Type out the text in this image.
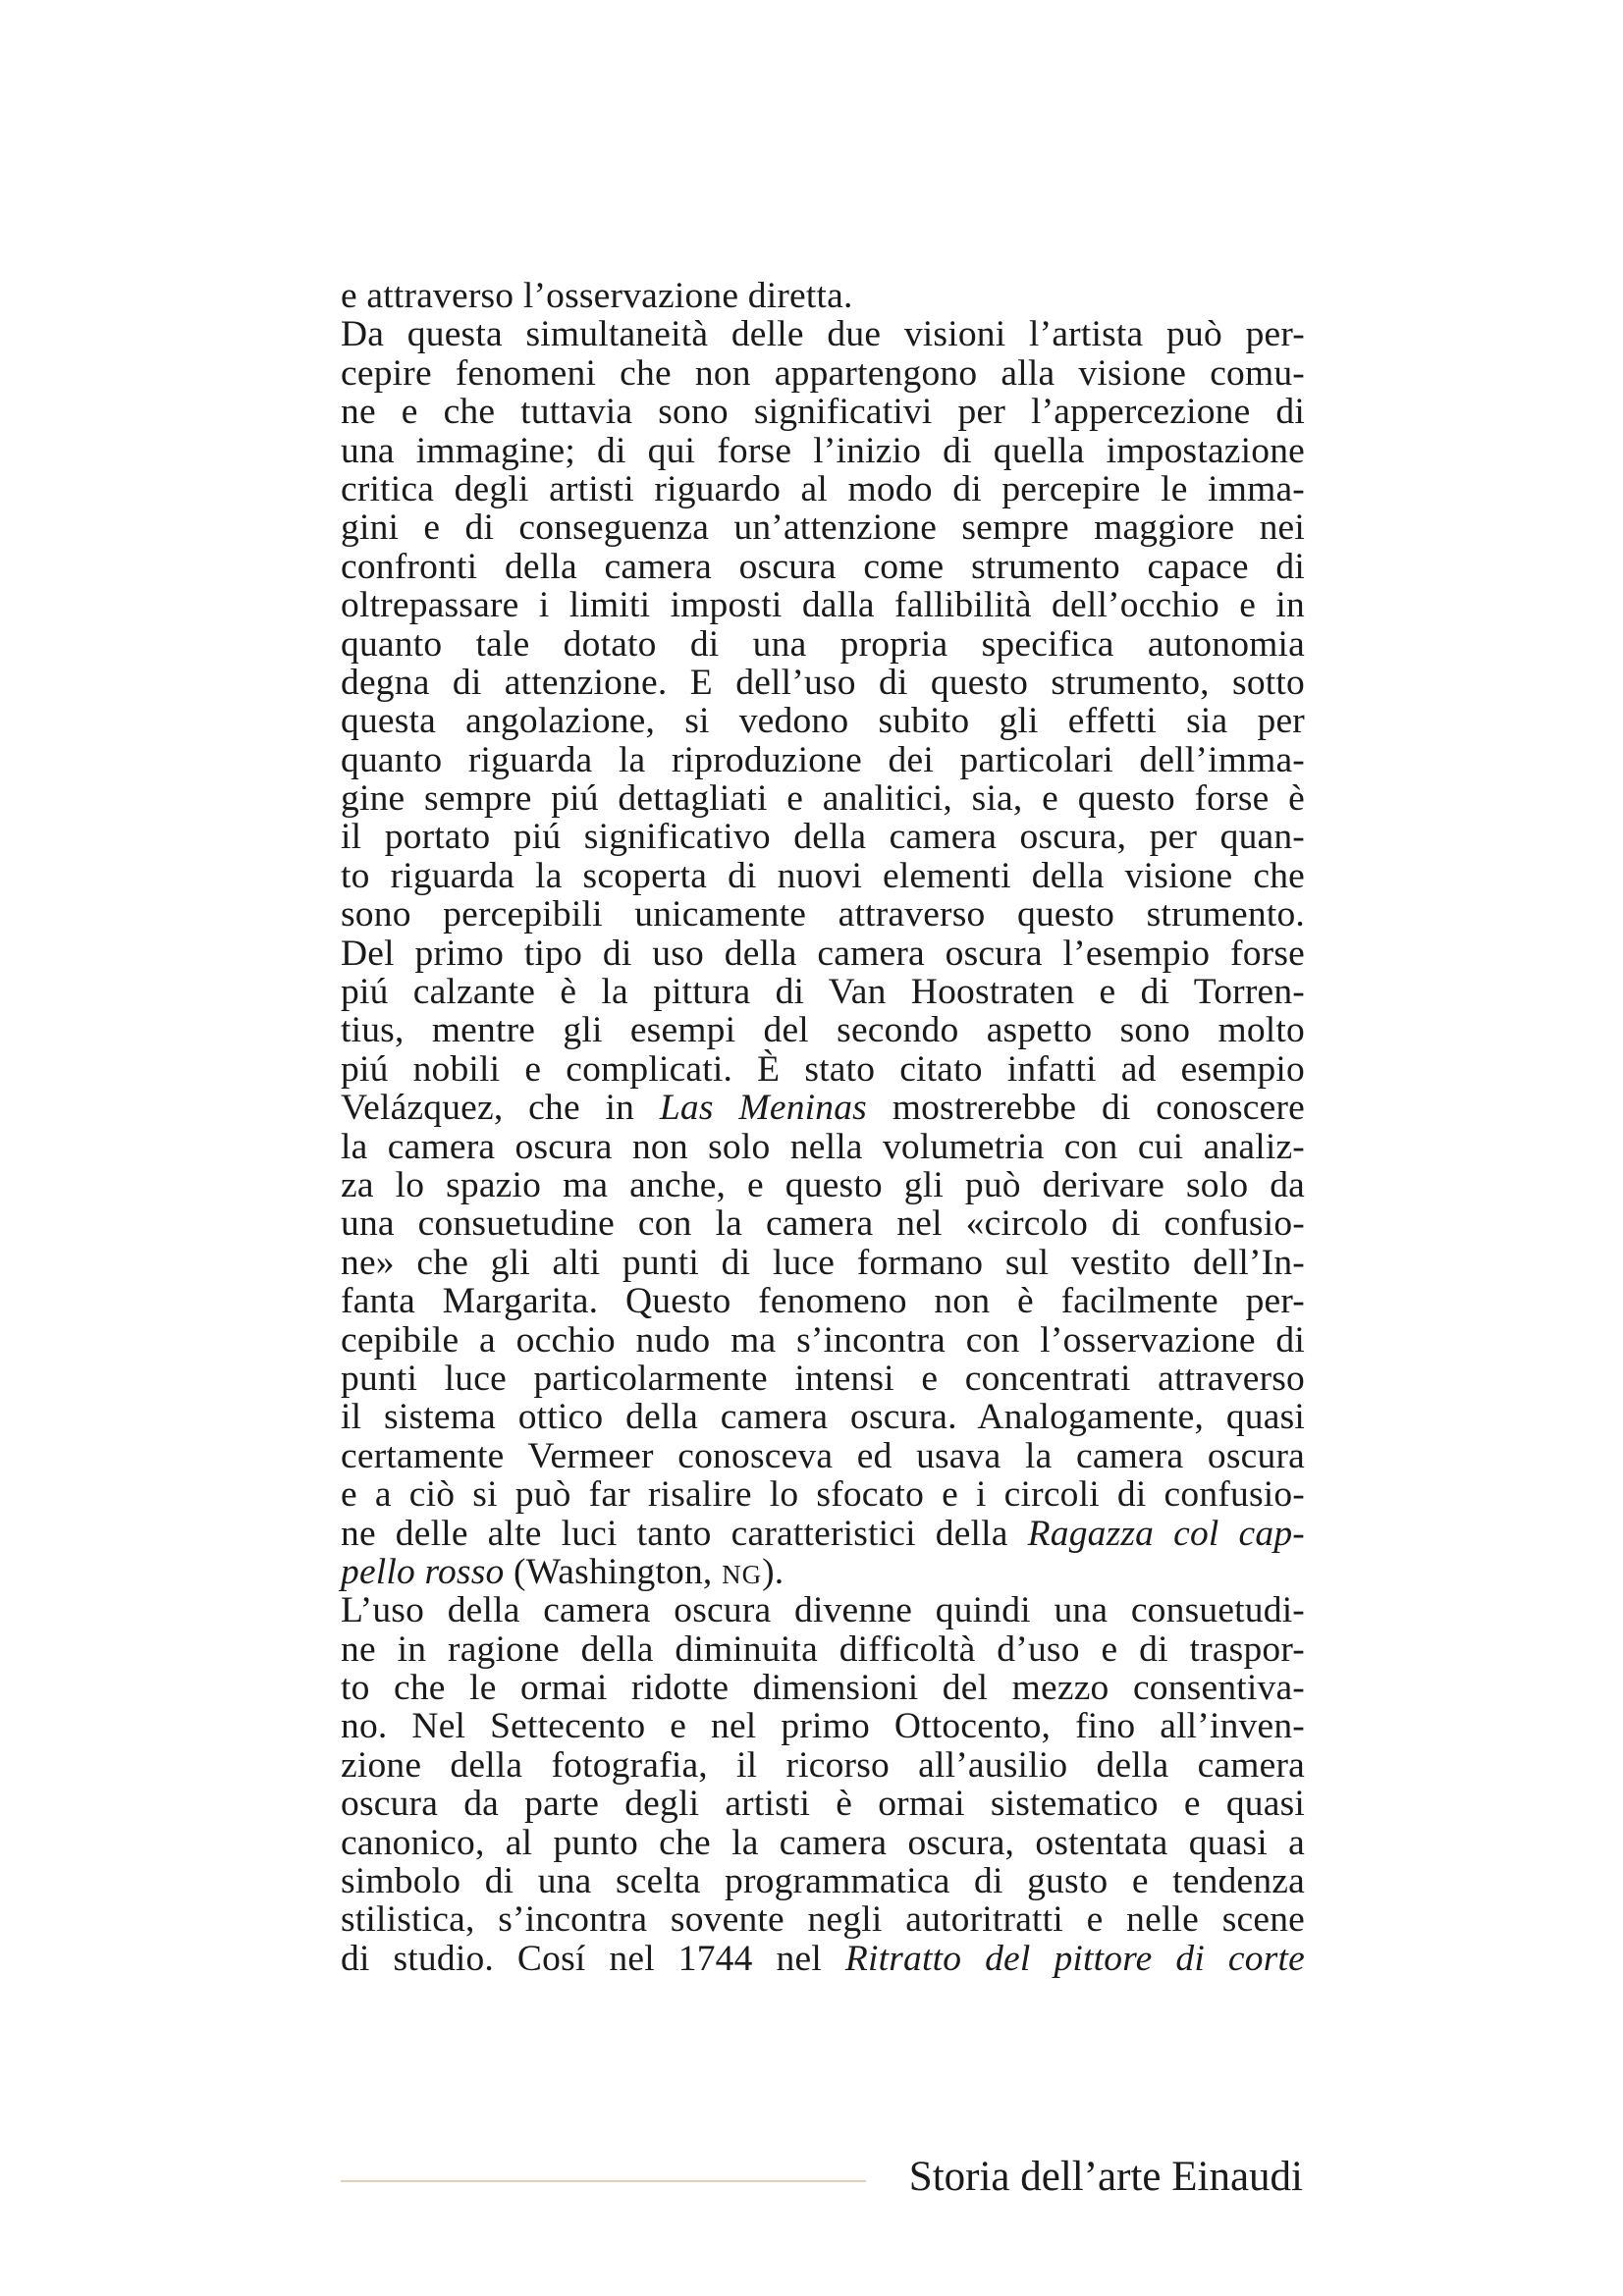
e attraverso l’osservazione diretta.
Da questa simultaneità delle due visioni l’artista può per-
cepire fenomeni che non appartengono alla visione comu-
ne e che tuttavia sono significativi per l’appercezione di
una immagine; di qui forse l’inizio di quella impostazione
critica degli artisti riguardo al modo di percepire le imma-
gini e di conseguenza un’attenzione sempre maggiore nei
confronti della camera oscura come strumento capace di
oltrepassare i limiti imposti dalla fallibilità dell’occhio e in
quanto tale dotato di una propria specifica autonomia
degna di attenzione. E dell’uso di questo strumento, sotto
questa angolazione, si vedono subito gli effetti sia per
quanto riguarda la riproduzione dei particolari dell’imma-
gine sempre piú dettagliati e analitici, sia, e questo forse è
il portato piú significativo della camera oscura, per quan-
to riguarda la scoperta di nuovi elementi della visione che
sono percepibili unicamente attraverso questo strumento.
Del primo tipo di uso della camera oscura l’esempio forse
piú calzante è la pittura di Van Hoostraten e di Torren-
tius, mentre gli esempi del secondo aspetto sono molto
piú nobili e complicati. È stato citato infatti ad esempio
Velázquez, che in Las Meninas mostrerebbe di conoscere
la camera oscura non solo nella volumetria con cui analiz-
za lo spazio ma anche, e questo gli può derivare solo da
una consuetudine con la camera nel «circolo di confusio-
ne» che gli alti punti di luce formano sul vestito dell’In-
fanta Margarita. Questo fenomeno non è facilmente per-
cepibile a occhio nudo ma s’incontra con l’osservazione di
punti luce particolarmente intensi e concentrati attraverso
il sistema ottico della camera oscura. Analogamente, quasi
certamente Vermeer conosceva ed usava la camera oscura
e a ciò si può far risalire lo sfocato e i circoli di confusio-
ne delle alte luci tanto caratteristici della Ragazza col cap-
pello rosso (Washington, NG).
L’uso della camera oscura divenne quindi una consuetudi-
ne in ragione della diminuita difficoltà d’uso e di traspor-
to che le ormai ridotte dimensioni del mezzo consentiva-
no. Nel Settecento e nel primo Ottocento, fino all’inven-
zione della fotografia, il ricorso all’ausilio della camera
oscura da parte degli artisti è ormai sistematico e quasi
canonico, al punto che la camera oscura, ostentata quasi a
simbolo di una scelta programmatica di gusto e tendenza
stilistica, s’incontra sovente negli autoritratti e nelle scene
di studio. Cosí nel 1744 nel Ritratto del pittore di corte
Storia dell’arte Einaudi
